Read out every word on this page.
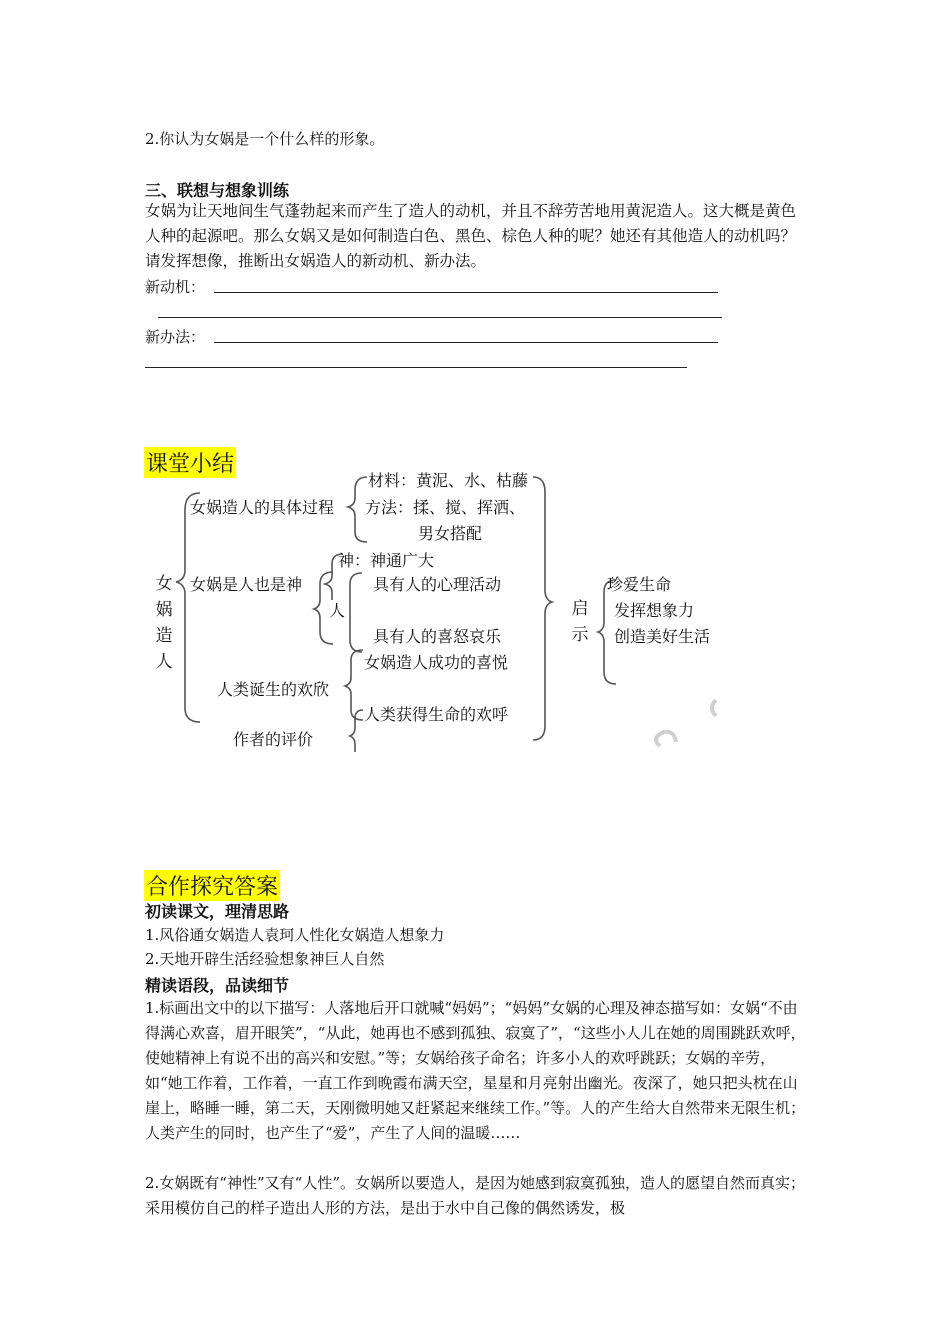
2.你认为女娲是一个什么样的形象。
三、联想与想象训练
女娲为让天地间生气蓬勃起来而产生了造人的动机，并且不辞劳苦地用黄泥造人。这大概是黄色人种的起源吧。那么女娲又是如何制造白色、黑色、棕色人种的呢？她还有其他造人的动机吗？请发挥想像，推断出女娲造人的新动机、新办法。
新动机：
新办法：
课堂小结
材料：黄泥、水、枯藤
女娲造人的具体过程 方法：揉、搅、挥洒、
男女搭配
神：神通广大
女娲造人
女娲是人也是神	具有人的心理活动
人
具有人的喜怒哀乐
女娲造人成功的喜悦
人类诞生的欢欣
人类获得生命的欢呼
作者的评价
启示
珍爱生命
发挥想象力
创造美好生活
合作探究答案
初读课文，理清思路
1.风俗通女娲造人袁珂人性化女娲造人想象力
2.天地开辟生活经验想象神巨人自然
精读语段，品读细节
1.标画出文中的以下描写：人落地后开口就喊“妈妈”；“妈妈”女娲的心理及神态描写如：女娲“不由得满心欢喜，眉开眼笑”，“从此，她再也不感到孤独、寂寞了”，“这些小人儿在她的周围跳跃欢呼，使她精神上有说不出的高兴和安慰。”等；女娲给孩子命名；许多小人的欢呼跳跃；女娲的辛劳，如“她工作着，工作着，一直工作到晚霞布满天空，星星和月亮射出幽光。夜深了，她只把头枕在山崖上，略睡一睡，第二天，天刚微明她又赶紧起来继续工作。”等。人的产生给大自然带来无限生机；人类产生的同时，也产生了“爱”，产生了人间的温暖……
2.女娲既有“神性”又有“人性”。女娲所以要造人，是因为她感到寂寞孤独，造人的愿望自然而真实；采用模仿自己的样子造出人形的方法，是出于水中自己像的偶然诱发，极
